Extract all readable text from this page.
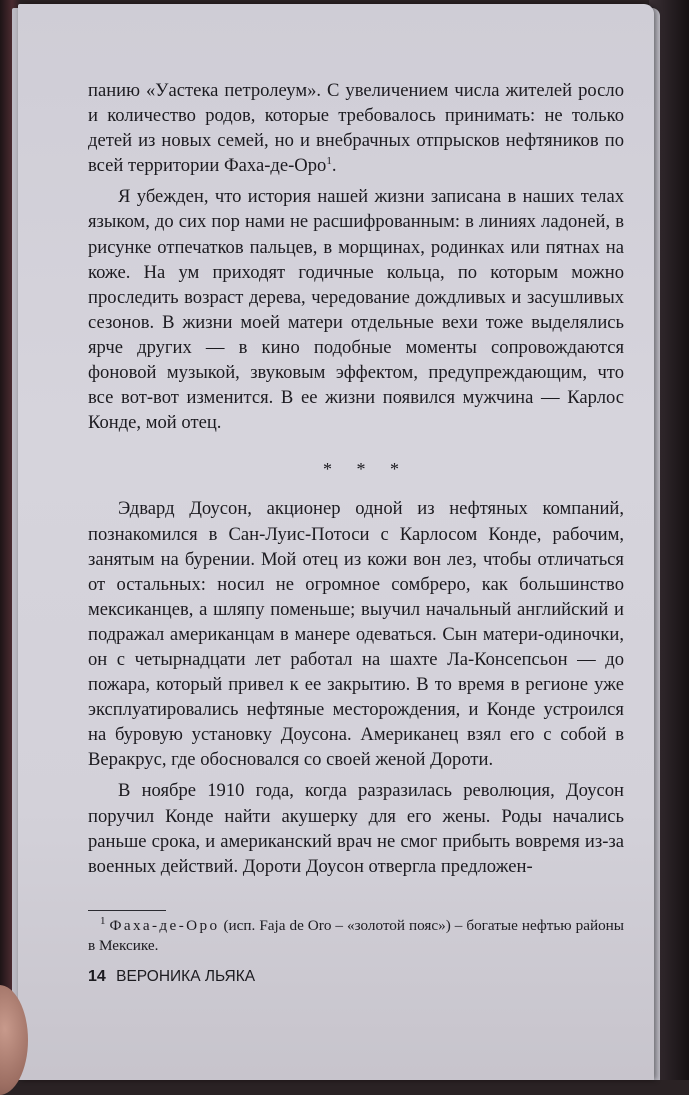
панию «Уастека петролеум». С увеличением числа жителей росло и количество родов, которые требовалось принимать: не только детей из новых семей, но и внебрачных отпрысков нефтяников по всей территории Фаха-де-Оро$^1$.

Я убежден, что история нашей жизни записана в наших телах языком, до сих пор нами не расшифрованным: в линиях ладоней, в рисунке отпечатков пальцев, в морщинах, родинках или пятнах на коже. На ум приходят годичные кольца, по которым можно проследить возраст дерева, чередование дождливых и засушливых сезонов. В жизни моей матери отдельные вехи тоже выделялись ярче других — в кино подобные моменты сопровождаются фоновой музыкой, звуковым эффектом, предупреждающим, что все вот-вот изменится. В ее жизни появился мужчина — Карлос Конде, мой отец.

* * *

Эдвард Доусон, акционер одной из нефтяных компаний, познакомился в Сан-Луис-Потоси с Карлосом Конде, рабочим, занятым на бурении. Мой отец из кожи вон лез, чтобы отличаться от остальных: носил не огромное сомбреро, как большинство мексиканцев, а шляпу поменьше; выучил начальный английский и подражал американцам в манере одеваться. Сын матери-одиночки, он с четырнадцати лет работал на шахте Ла-Консепсьон — до пожара, который привел к ее закрытию. В то время в регионе уже эксплуатировались нефтяные месторождения, и Конде устроился на буровую установку Доусона. Американец взял его с собой в Веракрус, где обосновался со своей женой Дороти.

В ноябре 1910 года, когда разразилась революция, Доусон поручил Конде найти акушерку для его жены. Роды начались раньше срока, и американский врач не смог прибыть вовремя из-за военных действий. Дороти Доусон отвергла предложен-

$^1$ Фаха-де-Оро (исп. Faja de Oro – «золотой пояс») – богатые нефтью районы в Мексике.
14 ВЕРОНИКА ЛЬЯКА
